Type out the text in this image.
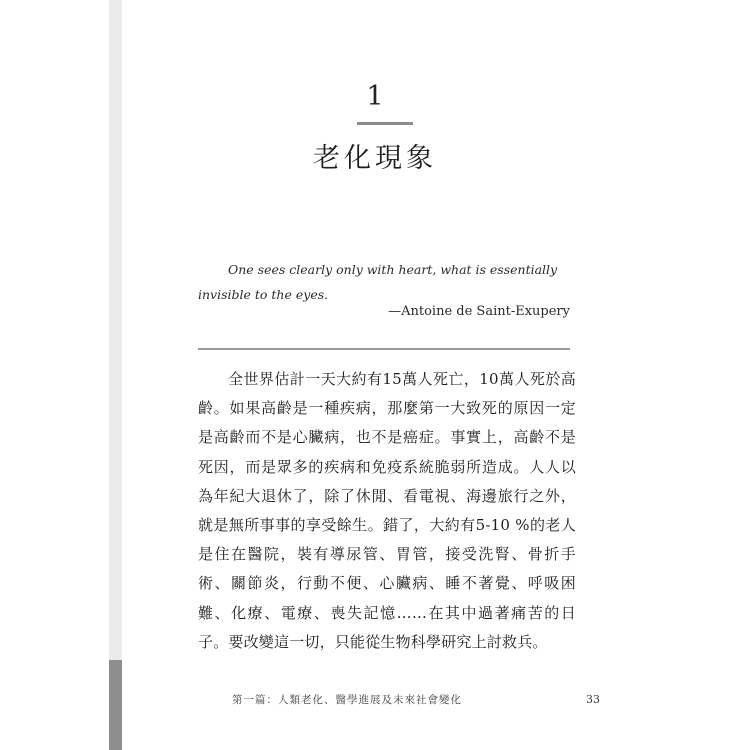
1
老化現象

One sees clearly only with heart, what is essentially invisible to the eyes.

—Antoine de Saint-Exupery

全世界估計一天大約有15萬人死亡，10萬人死於高齡。如果高齡是一種疾病，那麼第一大致死的原因一定是高齡而不是心臟病，也不是癌症。事實上，高齡不是死因，而是眾多的疾病和免疫系統脆弱所造成。人人以為年紀大退休了，除了休閒、看電視、海邊旅行之外，就是無所事事的享受餘生。錯了，大約有5-10 %的老人是住在醫院，裝有導尿管、胃管，接受洗腎、骨折手術、關節炎，行動不便、心臟病、睡不著覺、呼吸困難、化療、電療、喪失記憶……在其中過著痛苦的日子。要改變這一切，只能從生物科學研究上討救兵。

第一篇：人類老化、醫學進展及未來社會變化	33
